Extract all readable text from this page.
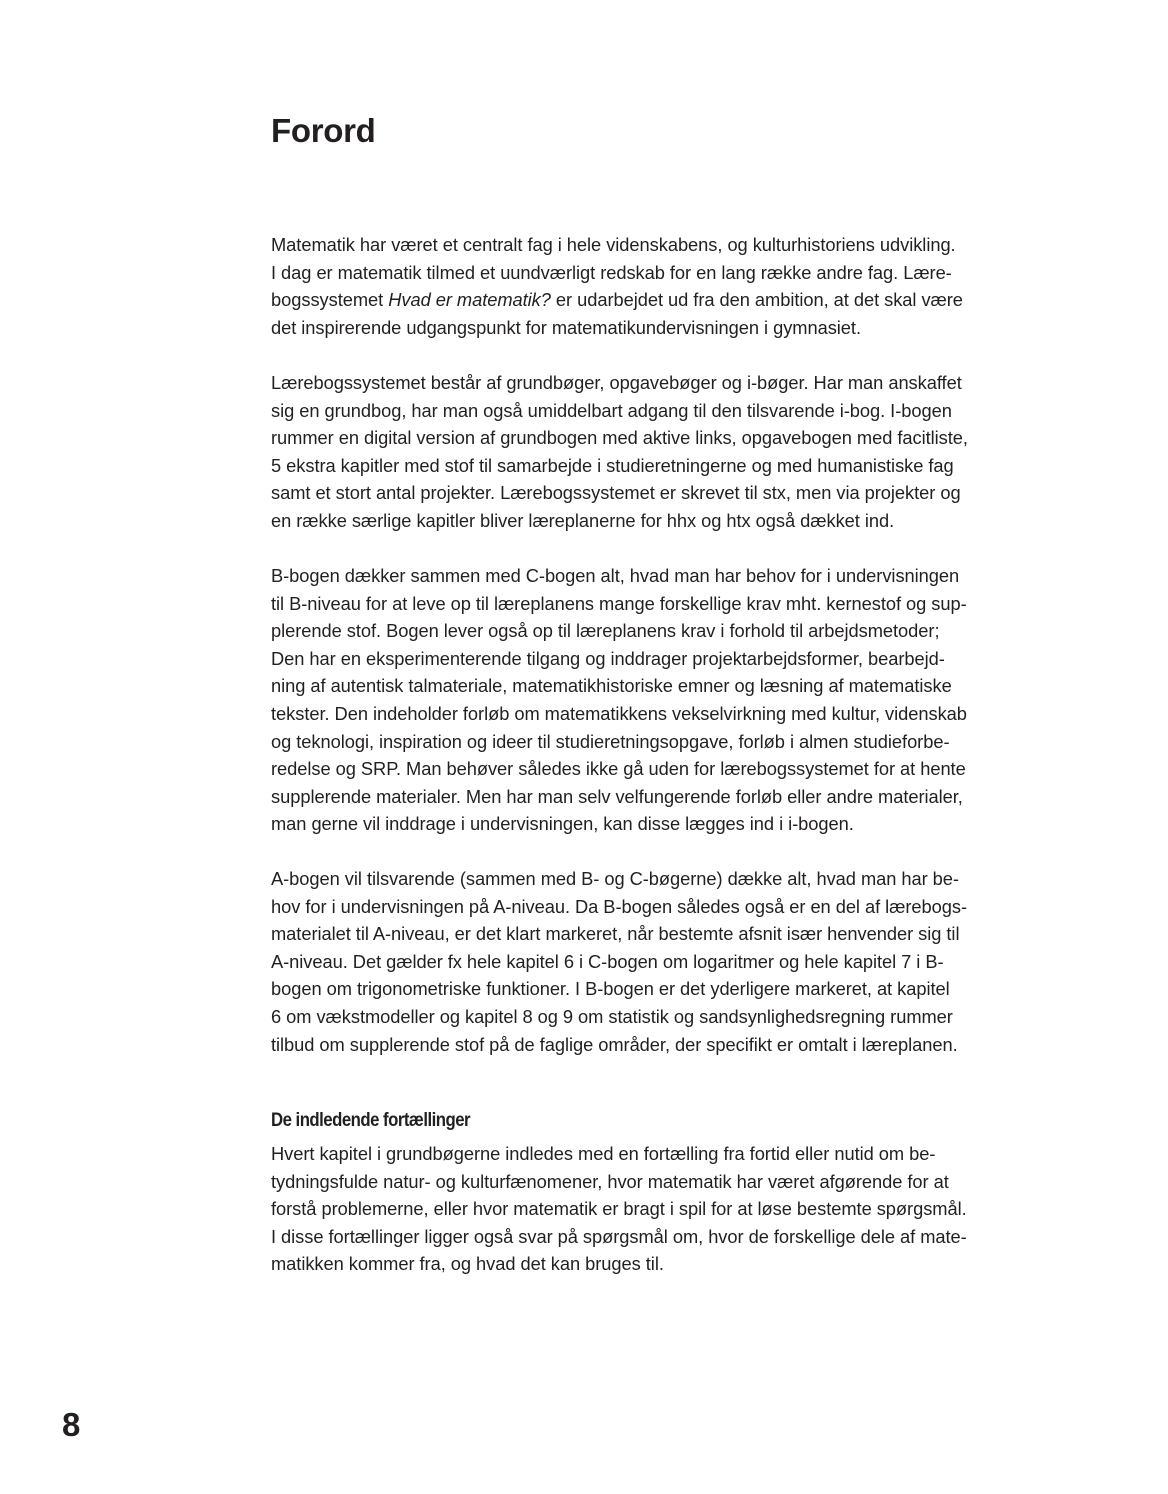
Forord

Matematik har været et centralt fag i hele videnskabens, og kulturhistoriens udvikling.
I dag er matematik tilmed et uundværligt redskab for en lang række andre fag. Lære-
bogssystemet Hvad er matematik? er udarbejdet ud fra den ambition, at det skal være
det inspirerende udgangspunkt for matematikundervisningen i gymnasiet.

Lærebogssystemet består af grundbøger, opgavebøger og i-bøger. Har man anskaffet
sig en grundbog, har man også umiddelbart adgang til den tilsvarende i-bog. I-bogen
rummer en digital version af grundbogen med aktive links, opgavebogen med facitliste,
5 ekstra kapitler med stof til samarbejde i studieretningerne og med humanistiske fag
samt et stort antal projekter. Lærebogssystemet er skrevet til stx, men via projekter og
en række særlige kapitler bliver læreplanerne for hhx og htx også dækket ind.

B-bogen dækker sammen med C-bogen alt, hvad man har behov for i undervisningen
til B-niveau for at leve op til læreplanens mange forskellige krav mht. kernestof og sup-
plerende stof. Bogen lever også op til læreplanens krav i forhold til arbejdsmetoder;
Den har en eksperimenterende tilgang og inddrager projektarbejdsformer, bearbejd-
ning af autentisk talmateriale, matematikhistoriske emner og læsning af matematiske
tekster. Den indeholder forløb om matematikkens vekselvirkning med kultur, videnskab
og teknologi, inspiration og ideer til studieretningsopgave, forløb i almen studieforbe-
redelse og SRP. Man behøver således ikke gå uden for lærebogssystemet for at hente
supplerende materialer. Men har man selv velfungerende forløb eller andre materialer,
man gerne vil inddrage i undervisningen, kan disse lægges ind i i-bogen.

A-bogen vil tilsvarende (sammen med B- og C-bøgerne) dække alt, hvad man har be-
hov for i undervisningen på A-niveau. Da B-bogen således også er en del af lærebogs-
materialet til A-niveau, er det klart markeret, når bestemte afsnit især henvender sig til
A-niveau. Det gælder fx hele kapitel 6 i C-bogen om logaritmer og hele kapitel 7 i B-
bogen om trigonometriske funktioner. I B-bogen er det yderligere markeret, at kapitel
6 om vækstmodeller og kapitel 8 og 9 om statistik og sandsynlighedsregning rummer
tilbud om supplerende stof på de faglige områder, der specifikt er omtalt i læreplanen.

De indledende fortællinger

Hvert kapitel i grundbøgerne indledes med en fortælling fra fortid eller nutid om be-
tydningsfulde natur- og kulturfænomener, hvor matematik har været afgørende for at
forstå problemerne, eller hvor matematik er bragt i spil for at løse bestemte spørgsmål.
I disse fortællinger ligger også svar på spørgsmål om, hvor de forskellige dele af mate-
matikken kommer fra, og hvad det kan bruges til.

8
